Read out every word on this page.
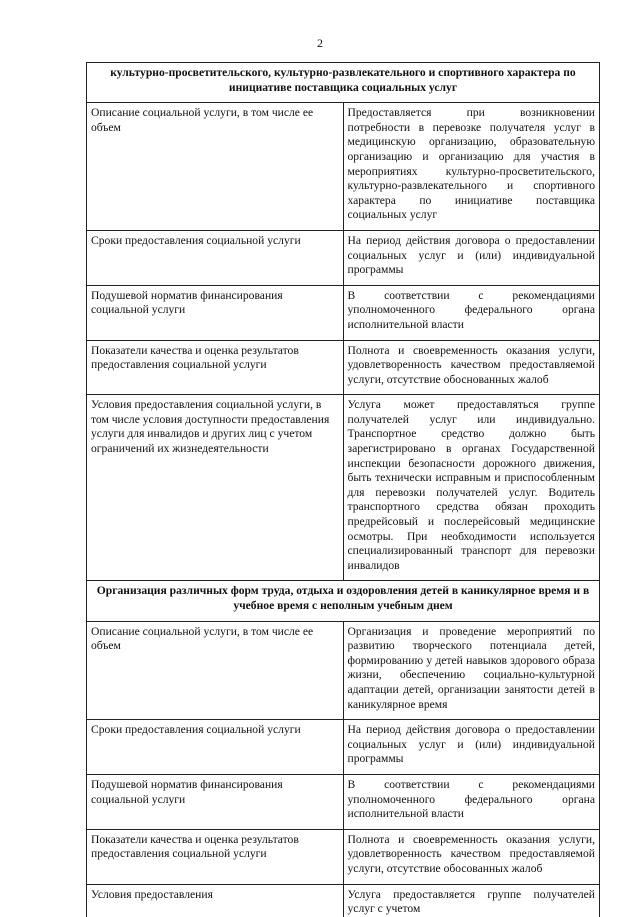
2
культурно-просветительского, культурно-развлекательного и спортивного характера по инициативе поставщика социальных услуг	
Описание социальной услуги, в том числе ее объем	Предоставляется при возникновении потребности в перевозке получателя услуг в медицинскую организацию, образовательную организацию и организацию для участия в мероприятиях культурно-просветительского, культурно-развлекательного и спортивного характера по инициативе поставщика социальных услуг
Сроки предоставления социальной услуги	На период действия договора о предоставлении социальных услуг и (или) индивидуальной программы
Подушевой норматив финансирования социальной услуги	В соответствии с рекомендациями уполномоченного федерального органа исполнительной власти
Показатели качества и оценка результатов предоставления социальной услуги	Полнота и своевременность оказания услуги, удовлетворенность качеством предоставляемой услуги, отсутствие обоснованных жалоб
Условия предоставления социальной услуги, в том числе условия доступности предоставления услуги для инвалидов и других лиц с учетом ограничений их жизнедеятельности	Услуга может предоставляться группе получателей услуг или индивидуально. Транспортное средство должно быть зарегистрировано в органах Государственной инспекции безопасности дорожного движения, быть технически исправным и приспособленным для перевозки получателей услуг. Водитель транспортного средства обязан проходить предрейсовый и послерейсовый медицинские осмотры. При необходимости используется специализированный транспорт для перевозки инвалидов
Организация различных форм труда, отдыха и оздоровления детей в каникулярное время и в учебное время с неполным учебным днем	
Описание социальной услуги, в том числе ее объем	Организация и проведение мероприятий по развитию творческого потенциала детей, формированию у детей навыков здорового образа жизни, обеспечению социально-культурной адаптации детей, организации занятости детей в каникулярное время
Сроки предоставления социальной услуги	На период действия договора о предоставлении социальных услуг и (или) индивидуальной программы
Подушевой норматив финансирования социальной услуги	В соответствии с рекомендациями уполномоченного федерального органа исполнительной власти
Показатели качества и оценка результатов предоставления социальной услуги	Полнота и своевременность оказания услуги, удовлетворенность качеством предоставляемой услуги, отсутствие обосованных жалоб
Условия предоставления	Услуга предоставляется группе получателей услуг с учетом
